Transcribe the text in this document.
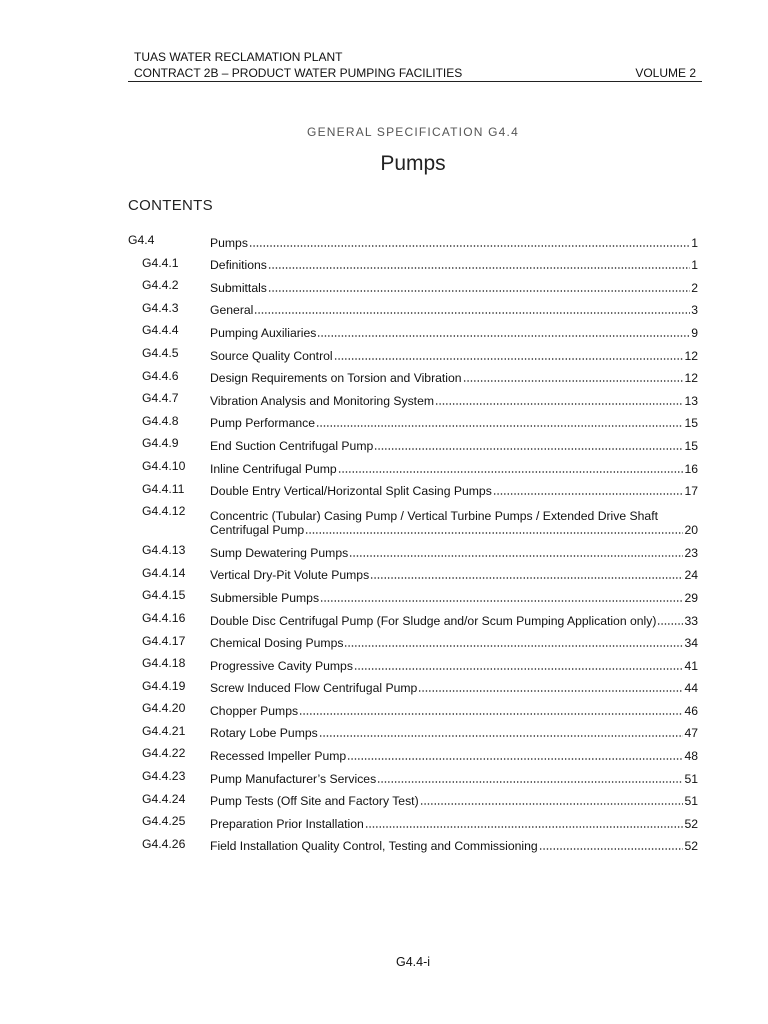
TUAS WATER RECLAMATION PLANT
CONTRACT 2B – PRODUCT WATER PUMPING FACILITIES	VOLUME 2
GENERAL SPECIFICATION G4.4
Pumps
CONTENTS
G4.4	Pumps	1
G4.4.1	Definitions	1
G4.4.2	Submittals	2
G4.4.3	General	3
G4.4.4	Pumping Auxiliaries	9
G4.4.5	Source Quality Control	12
G4.4.6	Design Requirements on Torsion and Vibration	12
G4.4.7	Vibration Analysis and Monitoring System	13
G4.4.8	Pump Performance	15
G4.4.9	End Suction Centrifugal Pump	15
G4.4.10	Inline Centrifugal Pump	16
G4.4.11	Double Entry Vertical/Horizontal Split Casing Pumps	17
G4.4.12	Concentric (Tubular) Casing Pump / Vertical Turbine Pumps / Extended Drive Shaft
Centrifugal Pump	20
G4.4.13	Sump Dewatering Pumps	23
G4.4.14	Vertical Dry-Pit Volute Pumps	24
G4.4.15	Submersible Pumps	29
G4.4.16	Double Disc Centrifugal Pump (For Sludge and/or Scum Pumping Application only) 33
G4.4.17	Chemical Dosing Pumps	34
G4.4.18	Progressive Cavity Pumps	41
G4.4.19	Screw Induced Flow Centrifugal Pump	44
G4.4.20	Chopper Pumps	46
G4.4.21	Rotary Lobe Pumps	47
G4.4.22	Recessed Impeller Pump	48
G4.4.23	Pump Manufacturer’s Services	51
G4.4.24	Pump Tests (Off Site and Factory Test)	51
G4.4.25	Preparation Prior Installation	52
G4.4.26	Field Installation Quality Control, Testing and Commissioning	52
G4.4-i
